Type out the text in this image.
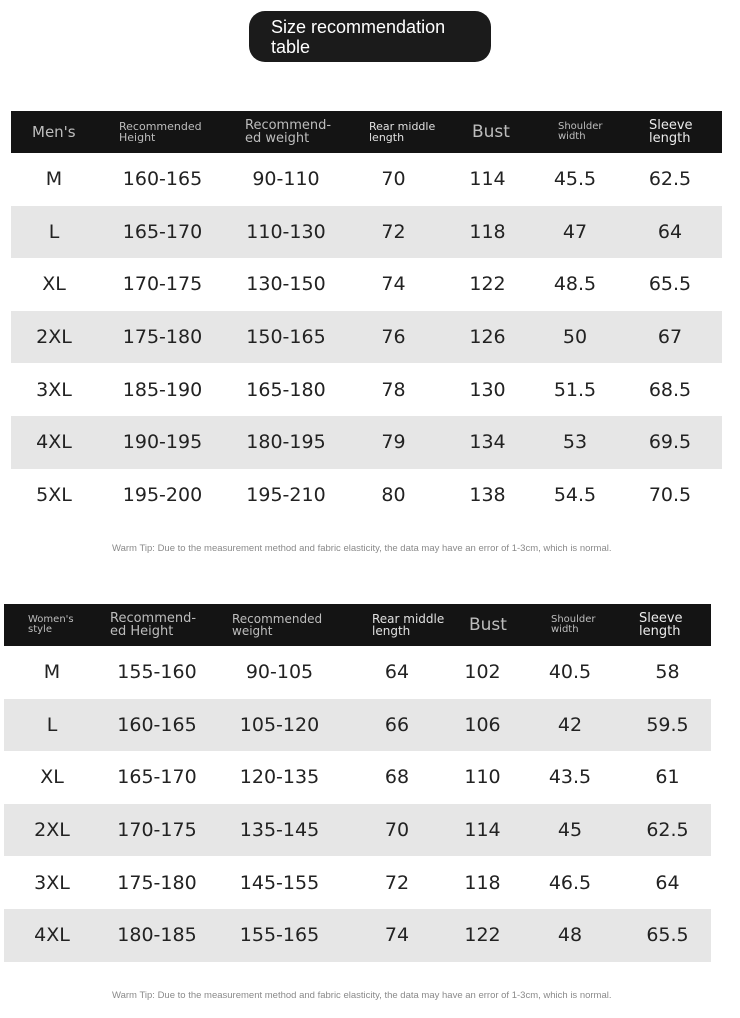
Size recommendation table
Men's	Recommended Height	Recommend-ed weight	Rear middle length	Bust	Shoulder width	Sleeve length
M	160-165	90-110	70	114	45.5	62.5
L	165-170	110-130	72	118	47	64
XL	170-175	130-150	74	122	48.5	65.5
2XL	175-180	150-165	76	126	50	67
3XL	185-190	165-180	78	130	51.5	68.5
4XL	190-195	180-195	79	134	53	69.5
5XL	195-200	195-210	80	138	54.5	70.5
Warm Tip: Due to the measurement method and fabric elasticity, the data may have an error of 1-3cm, which is normal.
Women's style	Recommend-ed Height	Recommended weight	Rear middle length	Bust	Shoulder width	Sleeve length
M	155-160	90-105	64	102	40.5	58
L	160-165	105-120	66	106	42	59.5
XL	165-170	120-135	68	110	43.5	61
2XL	170-175	135-145	70	114	45	62.5
3XL	175-180	145-155	72	118	46.5	64
4XL	180-185	155-165	74	122	48	65.5
Warm Tip: Due to the measurement method and fabric elasticity, the data may have an error of 1-3cm, which is normal.
